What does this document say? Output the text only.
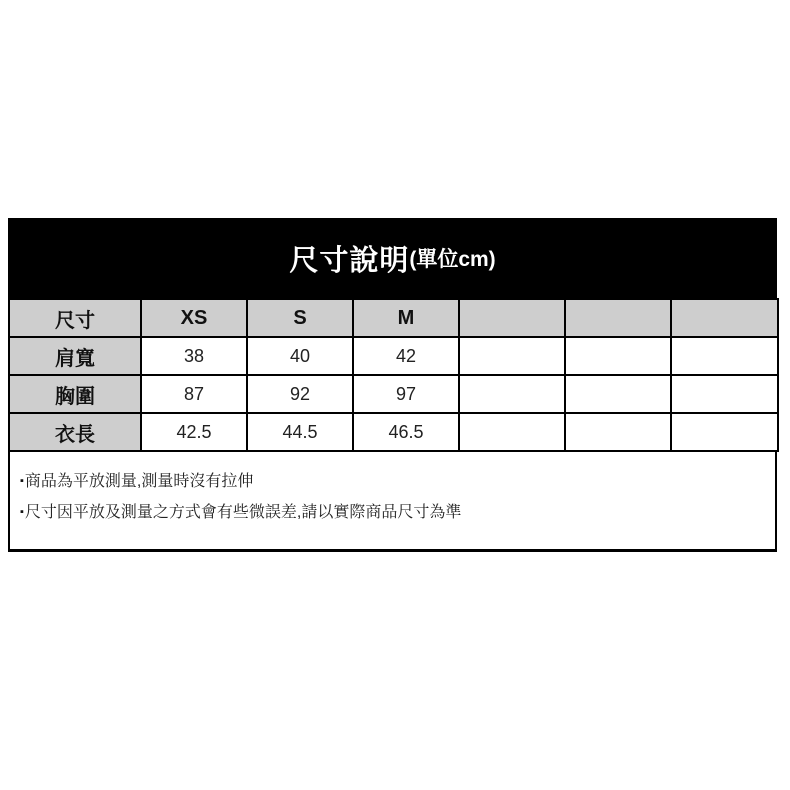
尺寸說明 (單位cm)
尺寸	XS	S	M			
肩寬	38	40	42			
胸圍	87	92	97			
衣長	42.5	44.5	46.5			
▪商品為平放測量,測量時沒有拉伸
▪尺寸因平放及測量之方式會有些微誤差,請以實際商品尺寸為準
